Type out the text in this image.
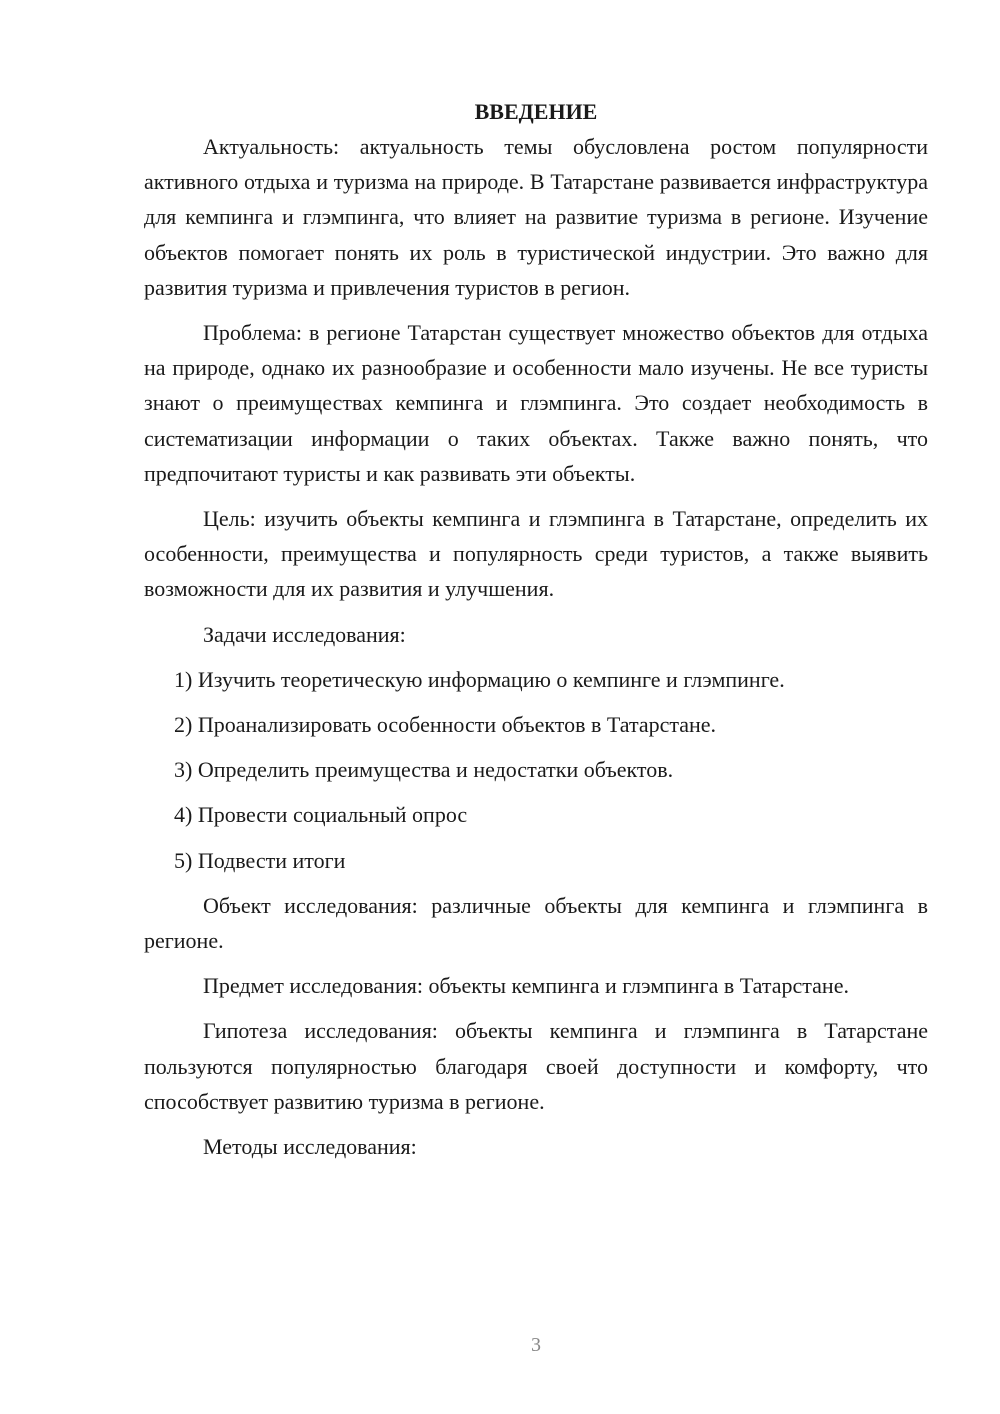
ВВЕДЕНИЕ

Актуальность: актуальность темы обусловлена ростом популярности активного отдыха и туризма на природе. В Татарстане развивается инфраструктура для кемпинга и глэмпинга, что влияет на развитие туризма в регионе. Изучение объектов помогает понять их роль в туристической индустрии. Это важно для развития туризма и привлечения туристов в регион.

Проблема: в регионе Татарстан существует множество объектов для отдыха на природе, однако их разнообразие и особенности мало изучены. Не все туристы знают о преимуществах кемпинга и глэмпинга. Это создает необходимость в систематизации информации о таких объектах. Также важно понять, что предпочитают туристы и как развивать эти объекты.

Цель: изучить объекты кемпинга и глэмпинга в Татарстане, определить их особенности, преимущества и популярность среди туристов, а также выявить возможности для их развития и улучшения.

Задачи исследования:

1) Изучить теоретическую информацию о кемпинге и глэмпинге.
2) Проанализировать особенности объектов в Татарстане.
3) Определить преимущества и недостатки объектов.
4) Провести социальный опрос
5) Подвести итоги

Объект исследования: различные объекты для кемпинга и глэмпинга в регионе.

Предмет исследования: объекты кемпинга и глэмпинга в Татарстане.

Гипотеза исследования: объекты кемпинга и глэмпинга в Татарстане пользуются популярностью благодаря своей доступности и комфорту, что способствует развитию туризма в регионе.

Методы исследования:

3
